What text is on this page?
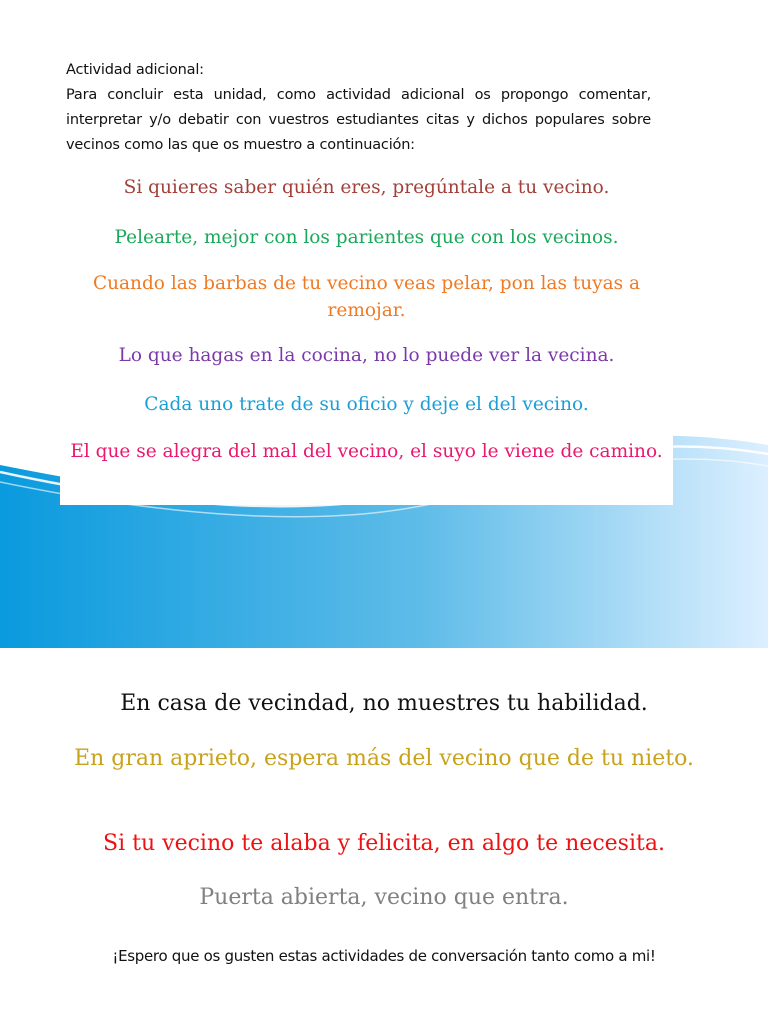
Actividad adicional:
Para concluir esta unidad, como actividad adicional os propongo comentar, interpretar y/o debatir con vuestros estudiantes citas y dichos populares sobre vecinos como las que os muestro a continuación:

Si quieres saber quién eres, pregúntale a tu vecino.

Pelearte, mejor con los parientes que con los vecinos.

Cuando las barbas de tu vecino veas pelar, pon las tuyas a remojar.

Lo que hagas en la cocina, no lo puede ver la vecina.

Cada uno trate de su oficio y deje el del vecino.

El que se alegra del mal del vecino, el suyo le viene de camino.

En casa de vecindad, no muestres tu habilidad.

En gran aprieto, espera más del vecino que de tu nieto.

Si tu vecino te alaba y felicita, en algo te necesita.

Puerta abierta, vecino que entra.

¡Espero que os gusten estas actividades de conversación tanto como a mi!
